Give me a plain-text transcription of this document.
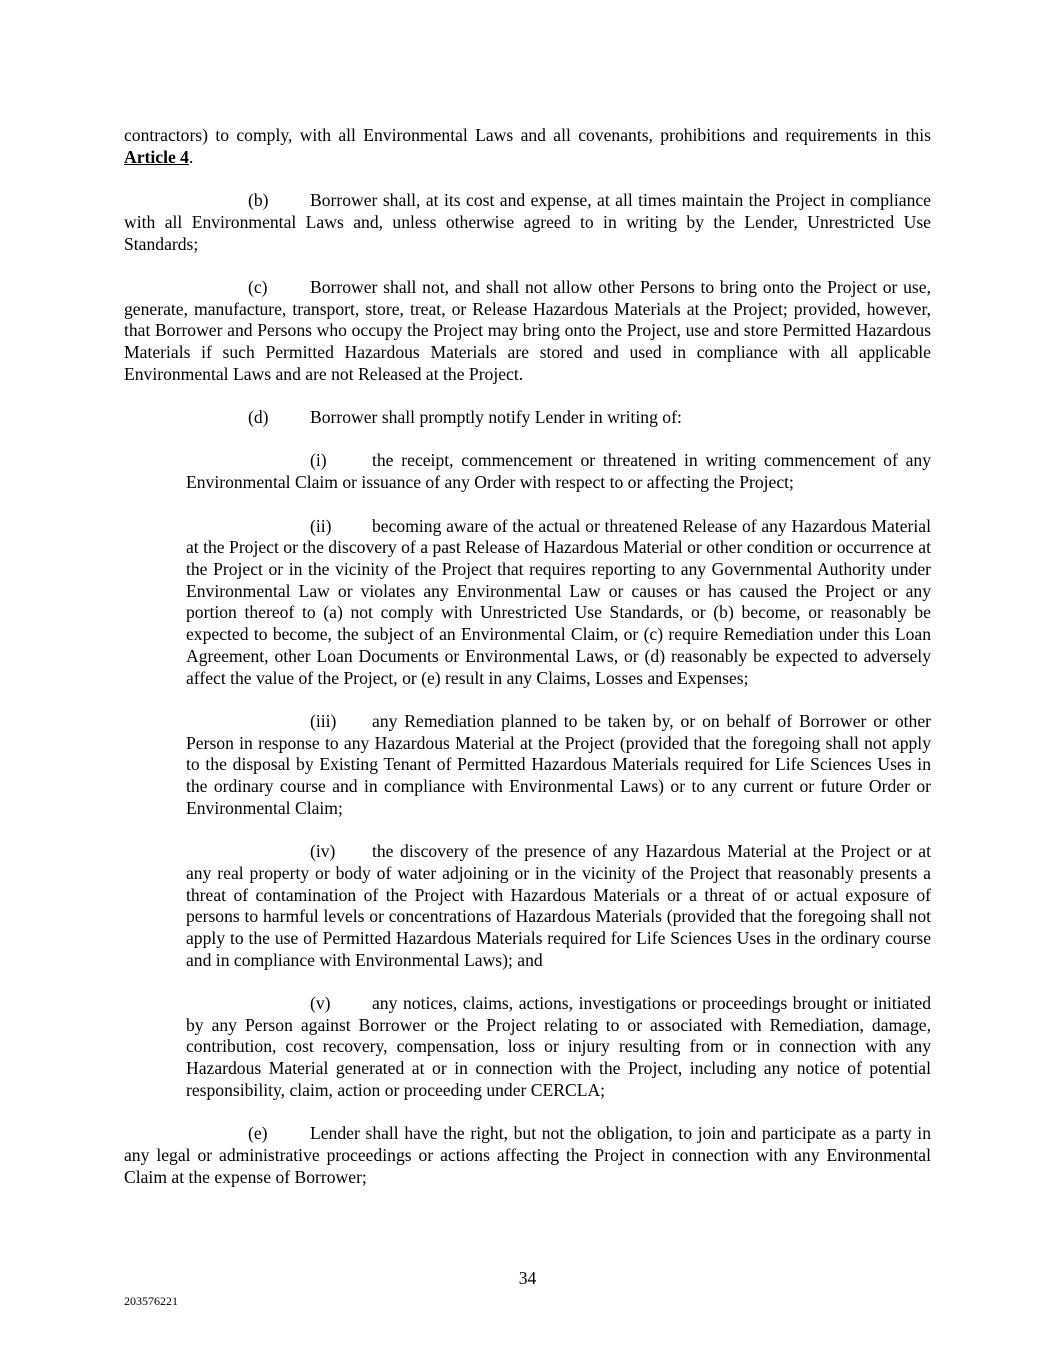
contractors) to comply, with all Environmental Laws and all covenants, prohibitions and requirements in this Article 4.

(b) Borrower shall, at its cost and expense, at all times maintain the Project in compliance with all Environmental Laws and, unless otherwise agreed to in writing by the Lender, Unrestricted Use Standards;

(c) Borrower shall not, and shall not allow other Persons to bring onto the Project or use, generate, manufacture, transport, store, treat, or Release Hazardous Materials at the Project; provided, however, that Borrower and Persons who occupy the Project may bring onto the Project, use and store Permitted Hazardous Materials if such Permitted Hazardous Materials are stored and used in compliance with all applicable Environmental Laws and are not Released at the Project.

(d) Borrower shall promptly notify Lender in writing of:

(i)	the receipt, commencement or threatened in writing commencement of any Environmental Claim or issuance of any Order with respect to or affecting the Project;

(ii) becoming aware of the actual or threatened Release of any Hazardous Material at the Project or the discovery of a past Release of Hazardous Material or other condition or occurrence at the Project or in the vicinity of the Project that requires reporting to any Governmental Authority under Environmental Law or violates any Environmental Law or causes or has caused the Project or any portion thereof to (a) not comply with Unrestricted Use Standards, or (b) become, or reasonably be expected to become, the subject of an Environmental Claim, or (c) require Remediation under this Loan Agreement, other Loan Documents or Environmental Laws, or (d) reasonably be expected to adversely affect the value of the Project, or (e) result in any Claims, Losses and Expenses;

(iii) any Remediation planned to be taken by, or on behalf of Borrower or other Person in response to any Hazardous Material at the Project (provided that the foregoing shall not apply to the disposal by Existing Tenant of Permitted Hazardous Materials required for Life Sciences Uses in the ordinary course and in compliance with Environmental Laws) or to any current or future Order or Environmental Claim;

(iv) the discovery of the presence of any Hazardous Material at the Project or at any real property or body of water adjoining or in the vicinity of the Project that reasonably presents a threat of contamination of the Project with Hazardous Materials or a threat of or actual exposure of persons to harmful levels or concentrations of Hazardous Materials (provided that the foregoing shall not apply to the use of Permitted Hazardous Materials required for Life Sciences Uses in the ordinary course and in compliance with Environmental Laws); and

(v) any notices, claims, actions, investigations or proceedings brought or initiated by any Person against Borrower or the Project relating to or associated with Remediation, damage, contribution, cost recovery, compensation, loss or injury resulting from or in connection with any Hazardous Material generated at or in connection with the Project, including any notice of potential responsibility, claim, action or proceeding under CERCLA;

(e) Lender shall have the right, but not the obligation, to join and participate as a party in any legal or administrative proceedings or actions affecting the Project in connection with any Environmental Claim at the expense of Borrower;

34
203576221
